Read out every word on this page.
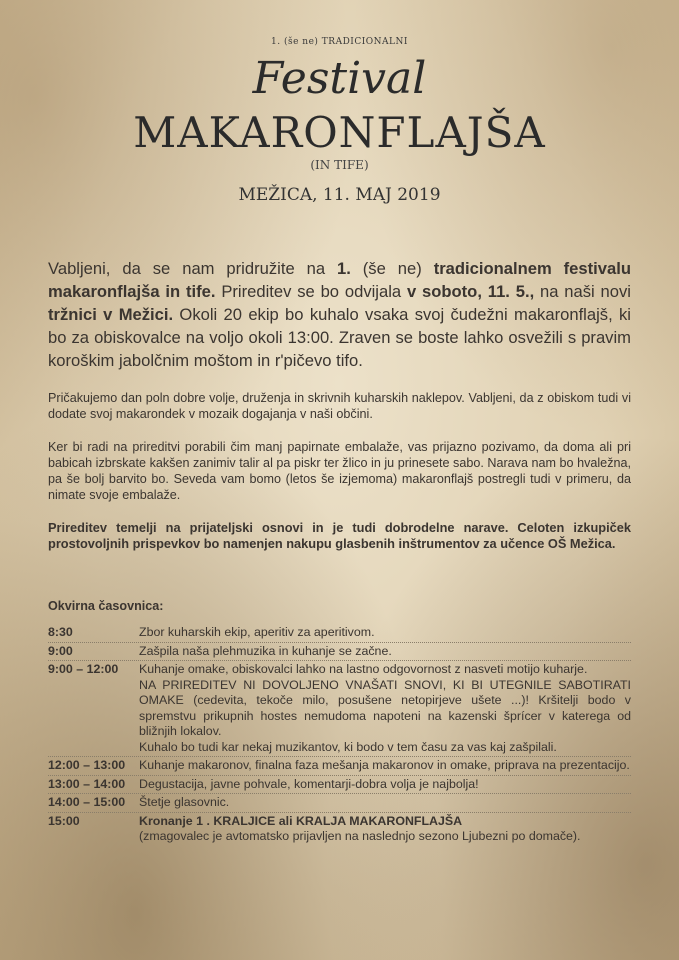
1. (še ne) TRADICIONALNI
Festival
MAKARONFLAJŠA
(IN TIFE)
MEŽICA, 11. MAJ 2019
Vabljeni, da se nam pridružite na 1. (še ne) tradicionalnem festivalu makaronflajša in tife. Prireditev se bo odvijala v soboto, 11. 5., na naši novi tržnici v Mežici. Okoli 20 ekip bo kuhalo vsaka svoj čudežni makaronflajš, ki bo za obiskovalce na voljo okoli 13:00. Zraven se boste lahko osvežili s pravim koroškim jabolčnim moštom in r'pičevo tifo.
Pričakujemo dan poln dobre volje, druženja in skrivnih kuharskih naklepov. Vabljeni, da z obiskom tudi vi dodate svoj makarondek v mozaik dogajanja v naši občini.
Ker bi radi na prireditvi porabili čim manj papirnate embalaže, vas prijazno pozivamo, da doma ali pri babicah izbrskate kakšen zanimiv talir al pa piskr ter žlico in ju prinesete sabo. Narava nam bo hvaležna, pa še bolj barvito bo. Seveda vam bomo (letos še izjemoma) makaronflajš postregli tudi v primeru, da nimate svoje embalaže.
Prireditev temelji na prijateljski osnovi in je tudi dobrodelne narave. Celoten izkupiček prostovoljnih prispevkov bo namenjen nakupu glasbenih inštrumentov za učence OŠ Mežica.
Okvirna časovnica:
8:30	Zbor kuharskih ekip, aperitiv za aperitivom.
9:00	Zašpila naša plehmuzika in kuhanje se začne.
9:00 – 12:00	Kuhanje omake, obiskovalci lahko na lastno odgovornost z nasveti motijo kuharje.
NA PRIREDITEV NI DOVOLJENO VNAŠATI SNOVI, KI BI UTEGNILE SABOTIRATI OMAKE (cedevita, tekoče milo, posušene netopirjeve ušete ...)! Kršitelji bodo v spremstvu prikupnih hostes nemudoma napoteni na kazenski šprícer v katerega od bližnjih lokalov.
Kuhalo bo tudi kar nekaj muzikantov, ki bodo v tem času za vas kaj zašpilali.
12:00 – 13:00	Kuhanje makaronov, finalna faza mešanja makaronov in omake, priprava na prezentacijo.
13:00 – 14:00	Degustacija, javne pohvale, komentarji-dobra volja je najbolja!
14:00 – 15:00	Štetje glasovnic.
15:00	Kronanje 1 . KRALJICE ali KRALJA MAKARONFLAJŠA
(zmagovalec je avtomatsko prijavljen na naslednjo sezono Ljubezni po domače).
